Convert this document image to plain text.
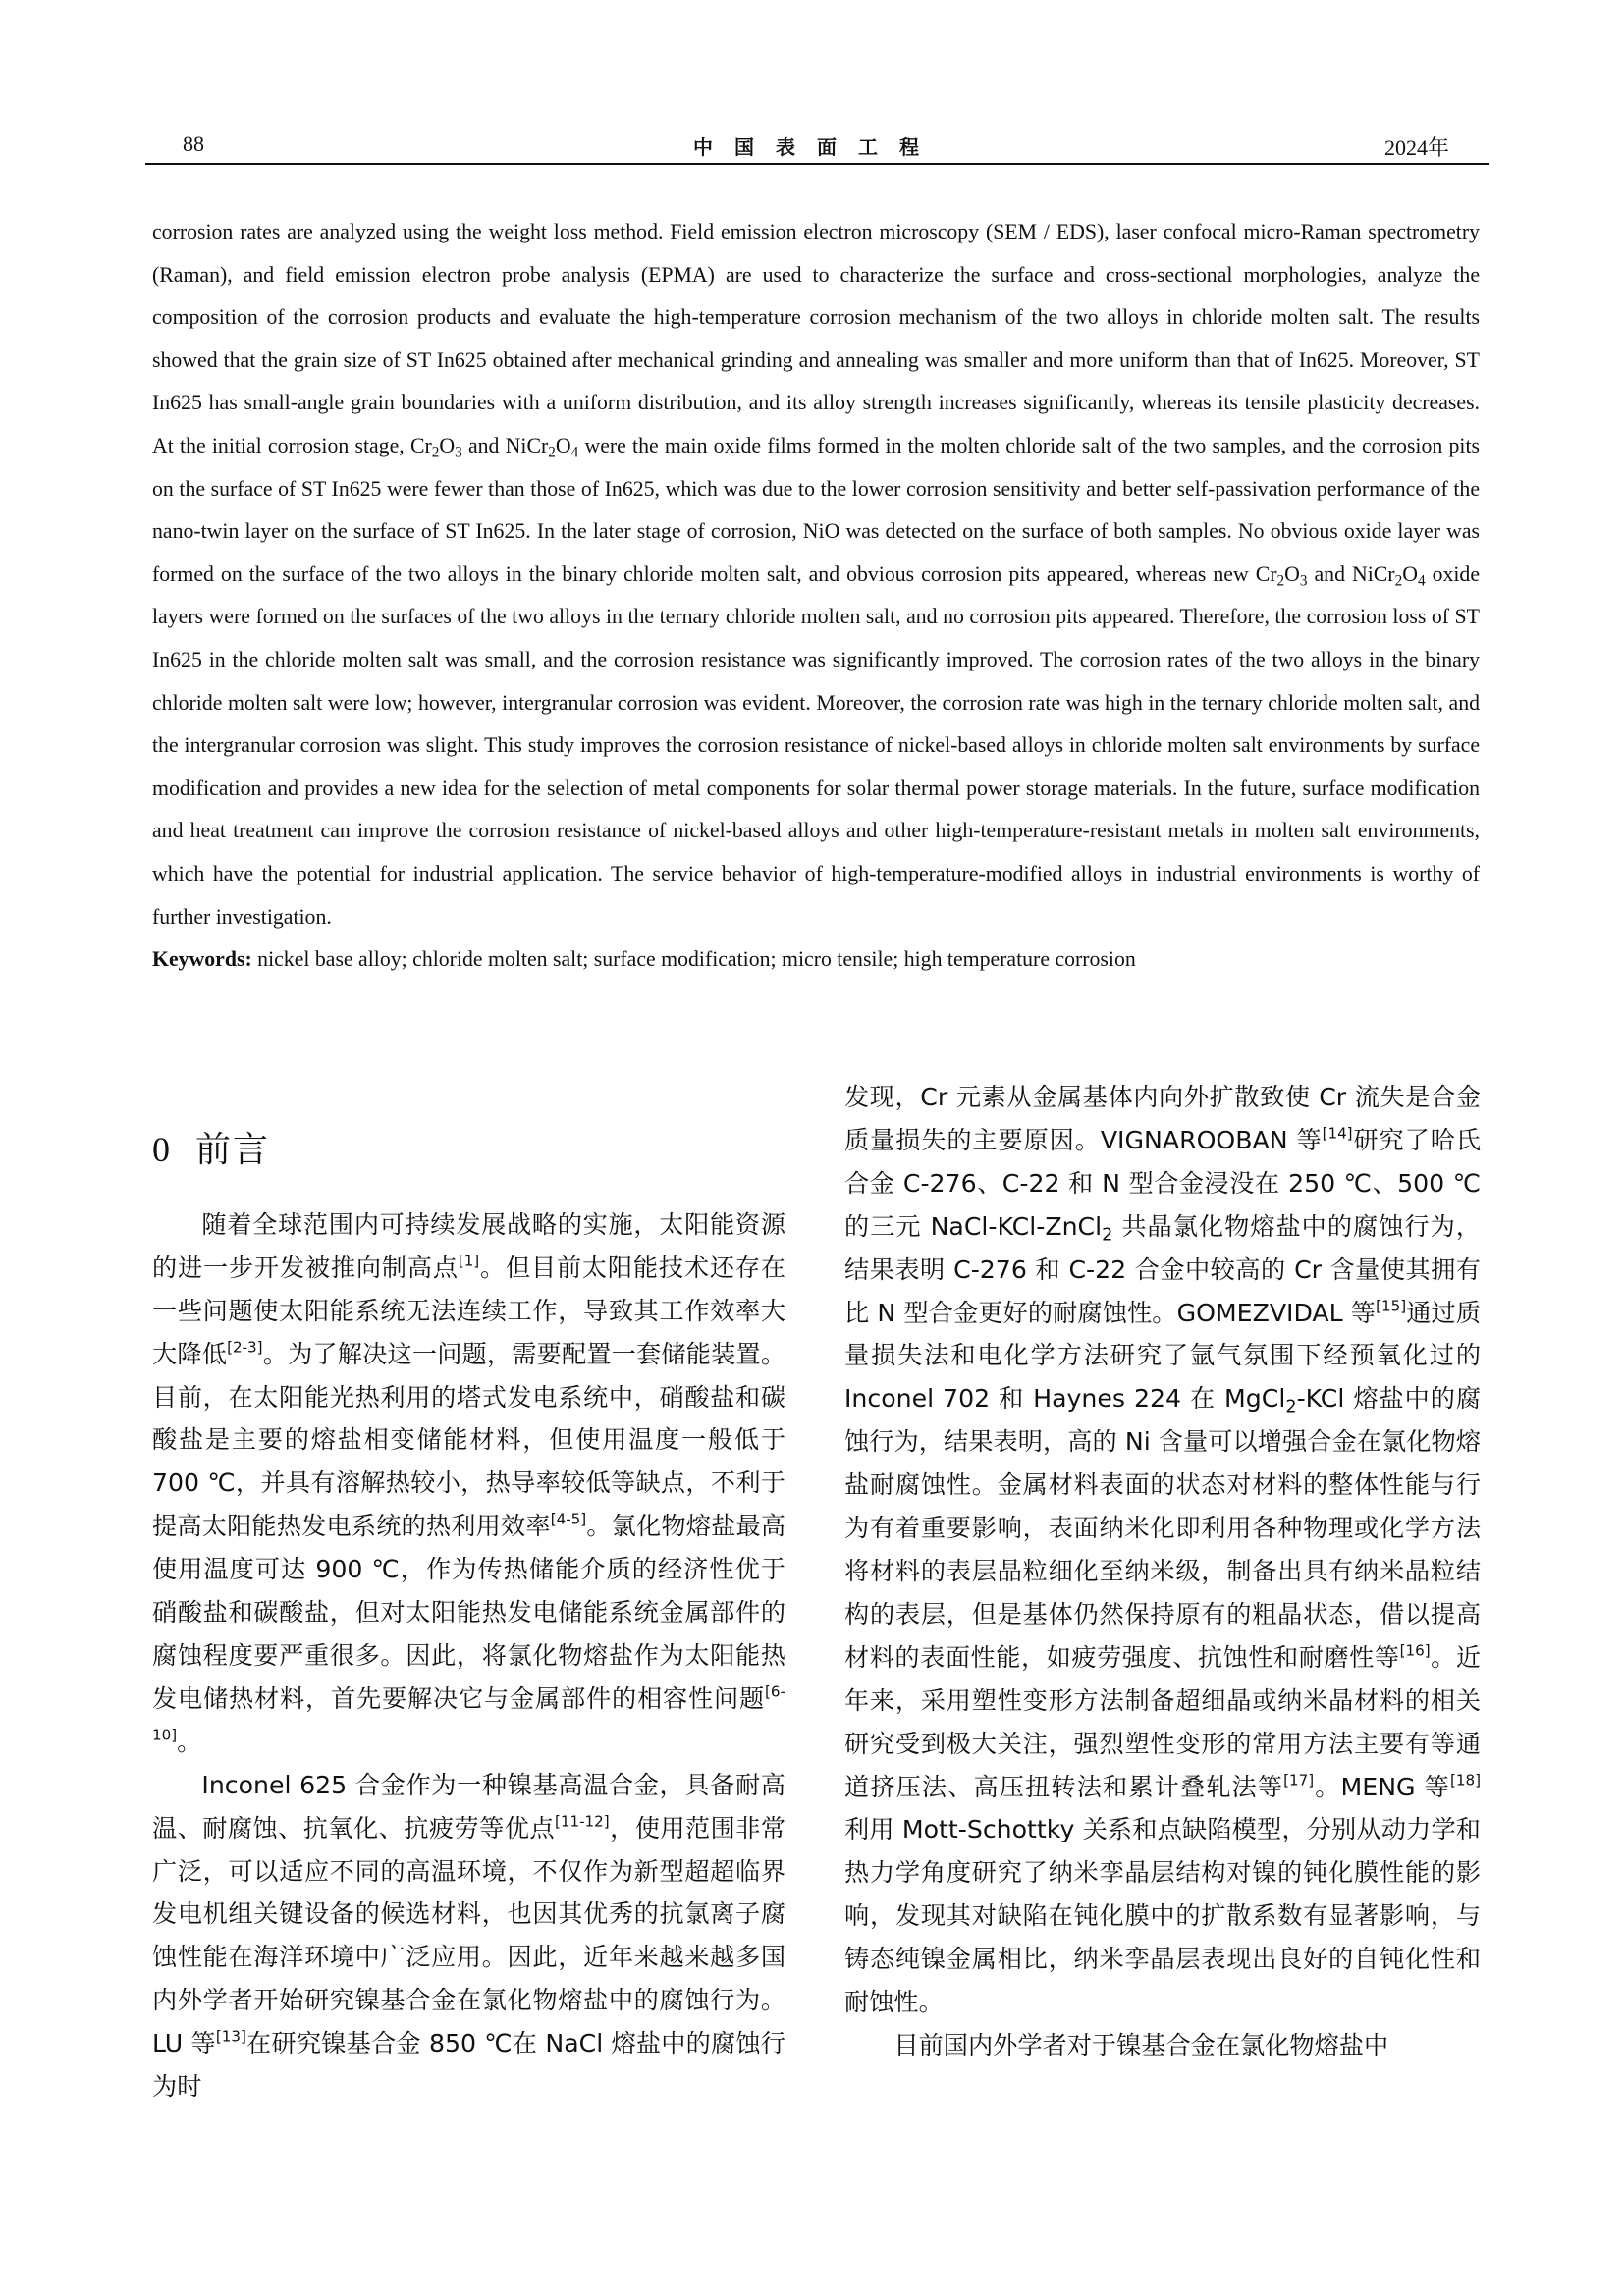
88	中国表面工程	2024年

corrosion rates are analyzed using the weight loss method. Field emission electron microscopy (SEM / EDS), laser confocal micro-Raman spectrometry (Raman), and field emission electron probe analysis (EPMA) are used to characterize the surface and cross-sectional morphologies, analyze the composition of the corrosion products and evaluate the high-temperature corrosion mechanism of the two alloys in chloride molten salt. The results showed that the grain size of ST In625 obtained after mechanical grinding and annealing was smaller and more uniform than that of In625. Moreover, ST In625 has small-angle grain boundaries with a uniform distribution, and its alloy strength increases significantly, whereas its tensile plasticity decreases. At the initial corrosion stage, $Cr_2O_3$ and $NiCr_2O_4$ were the main oxide films formed in the molten chloride salt of the two samples, and the corrosion pits on the surface of ST In625 were fewer than those of In625, which was due to the lower corrosion sensitivity and better self-passivation performance of the nano-twin layer on the surface of ST In625. In the later stage of corrosion, NiO was detected on the surface of both samples. No obvious oxide layer was formed on the surface of the two alloys in the binary chloride molten salt, and obvious corrosion pits appeared, whereas new $Cr_2O_3$ and $NiCr_2O_4$ oxide layers were formed on the surfaces of the two alloys in the ternary chloride molten salt, and no corrosion pits appeared. Therefore, the corrosion loss of ST In625 in the chloride molten salt was small, and the corrosion resistance was significantly improved. The corrosion rates of the two alloys in the binary chloride molten salt were low; however, intergranular corrosion was evident. Moreover, the corrosion rate was high in the ternary chloride molten salt, and the intergranular corrosion was slight. This study improves the corrosion resistance of nickel-based alloys in chloride molten salt environments by surface modification and provides a new idea for the selection of metal components for solar thermal power storage materials. In the future, surface modification and heat treatment can improve the corrosion resistance of nickel-based alloys and other high-temperature-resistant metals in molten salt environments, which have the potential for industrial application. The service behavior of high-temperature-modified alloys in industrial environments is worthy of further investigation.

Keywords: nickel base alloy; chloride molten salt; surface modification; micro tensile; high temperature corrosion

0 前言

随着全球范围内可持续发展战略的实施，太阳能资源的进一步开发被推向制高点[1]。但目前太阳能技术还存在一些问题使太阳能系统无法连续工作，导致其工作效率大大降低[2-3]。为了解决这一问题，需要配置一套储能装置。目前，在太阳能光热利用的塔式发电系统中，硝酸盐和碳酸盐是主要的熔盐相变储能材料，但使用温度一般低于 700 ℃，并具有溶解热较小，热导率较低等缺点，不利于提高太阳能热发电系统的热利用效率[4-5]。氯化物熔盐最高使用温度可达 900 ℃，作为传热储能介质的经济性优于硝酸盐和碳酸盐，但对太阳能热发电储能系统金属部件的腐蚀程度要严重很多。因此，将氯化物熔盐作为太阳能热发电储热材料，首先要解决它与金属部件的相容性问题[6-10]。

Inconel 625 合金作为一种镍基高温合金，具备耐高温、耐腐蚀、抗氧化、抗疲劳等优点[11-12]，使用范围非常广泛，可以适应不同的高温环境，不仅作为新型超超临界发电机组关键设备的候选材料，也因其优秀的抗氯离子腐蚀性能在海洋环境中广泛应用。因此，近年来越来越多国内外学者开始研究镍基合金在氯化物熔盐中的腐蚀行为。LU 等[13]在研究镍基合金 850 ℃在 NaCl 熔盐中的腐蚀行为时

发现，Cr 元素从金属基体内向外扩散致使 Cr 流失是合金质量损失的主要原因。VIGNAROOBAN 等[14]研究了哈氏合金 C-276、C-22 和 N 型合金浸没在 250 ℃、500 ℃的三元 NaCl-KCl-ZnCl$_2$ 共晶氯化物熔盐中的腐蚀行为，结果表明 C-276 和 C-22 合金中较高的 Cr 含量使其拥有比 N 型合金更好的耐腐蚀性。GOMEZVIDAL 等[15]通过质量损失法和电化学方法研究了氩气氛围下经预氧化过的 Inconel 702 和 Haynes 224 在 MgCl$_2$-KCl 熔盐中的腐蚀行为，结果表明，高的 Ni 含量可以增强合金在氯化物熔盐耐腐蚀性。金属材料表面的状态对材料的整体性能与行为有着重要影响，表面纳米化即利用各种物理或化学方法将材料的表层晶粒细化至纳米级，制备出具有纳米晶粒结构的表层，但是基体仍然保持原有的粗晶状态，借以提高材料的表面性能，如疲劳强度、抗蚀性和耐磨性等[16]。近年来，采用塑性变形方法制备超细晶或纳米晶材料的相关研究受到极大关注，强烈塑性变形的常用方法主要有等通道挤压法、高压扭转法和累计叠轧法等[17]。MENG 等[18]利用 Mott-Schottky 关系和点缺陷模型，分别从动力学和热力学角度研究了纳米孪晶层结构对镍的钝化膜性能的影响，发现其对缺陷在钝化膜中的扩散系数有显著影响，与铸态纯镍金属相比，纳米孪晶层表现出良好的自钝化性和耐蚀性。

目前国内外学者对于镍基合金在氯化物熔盐中
